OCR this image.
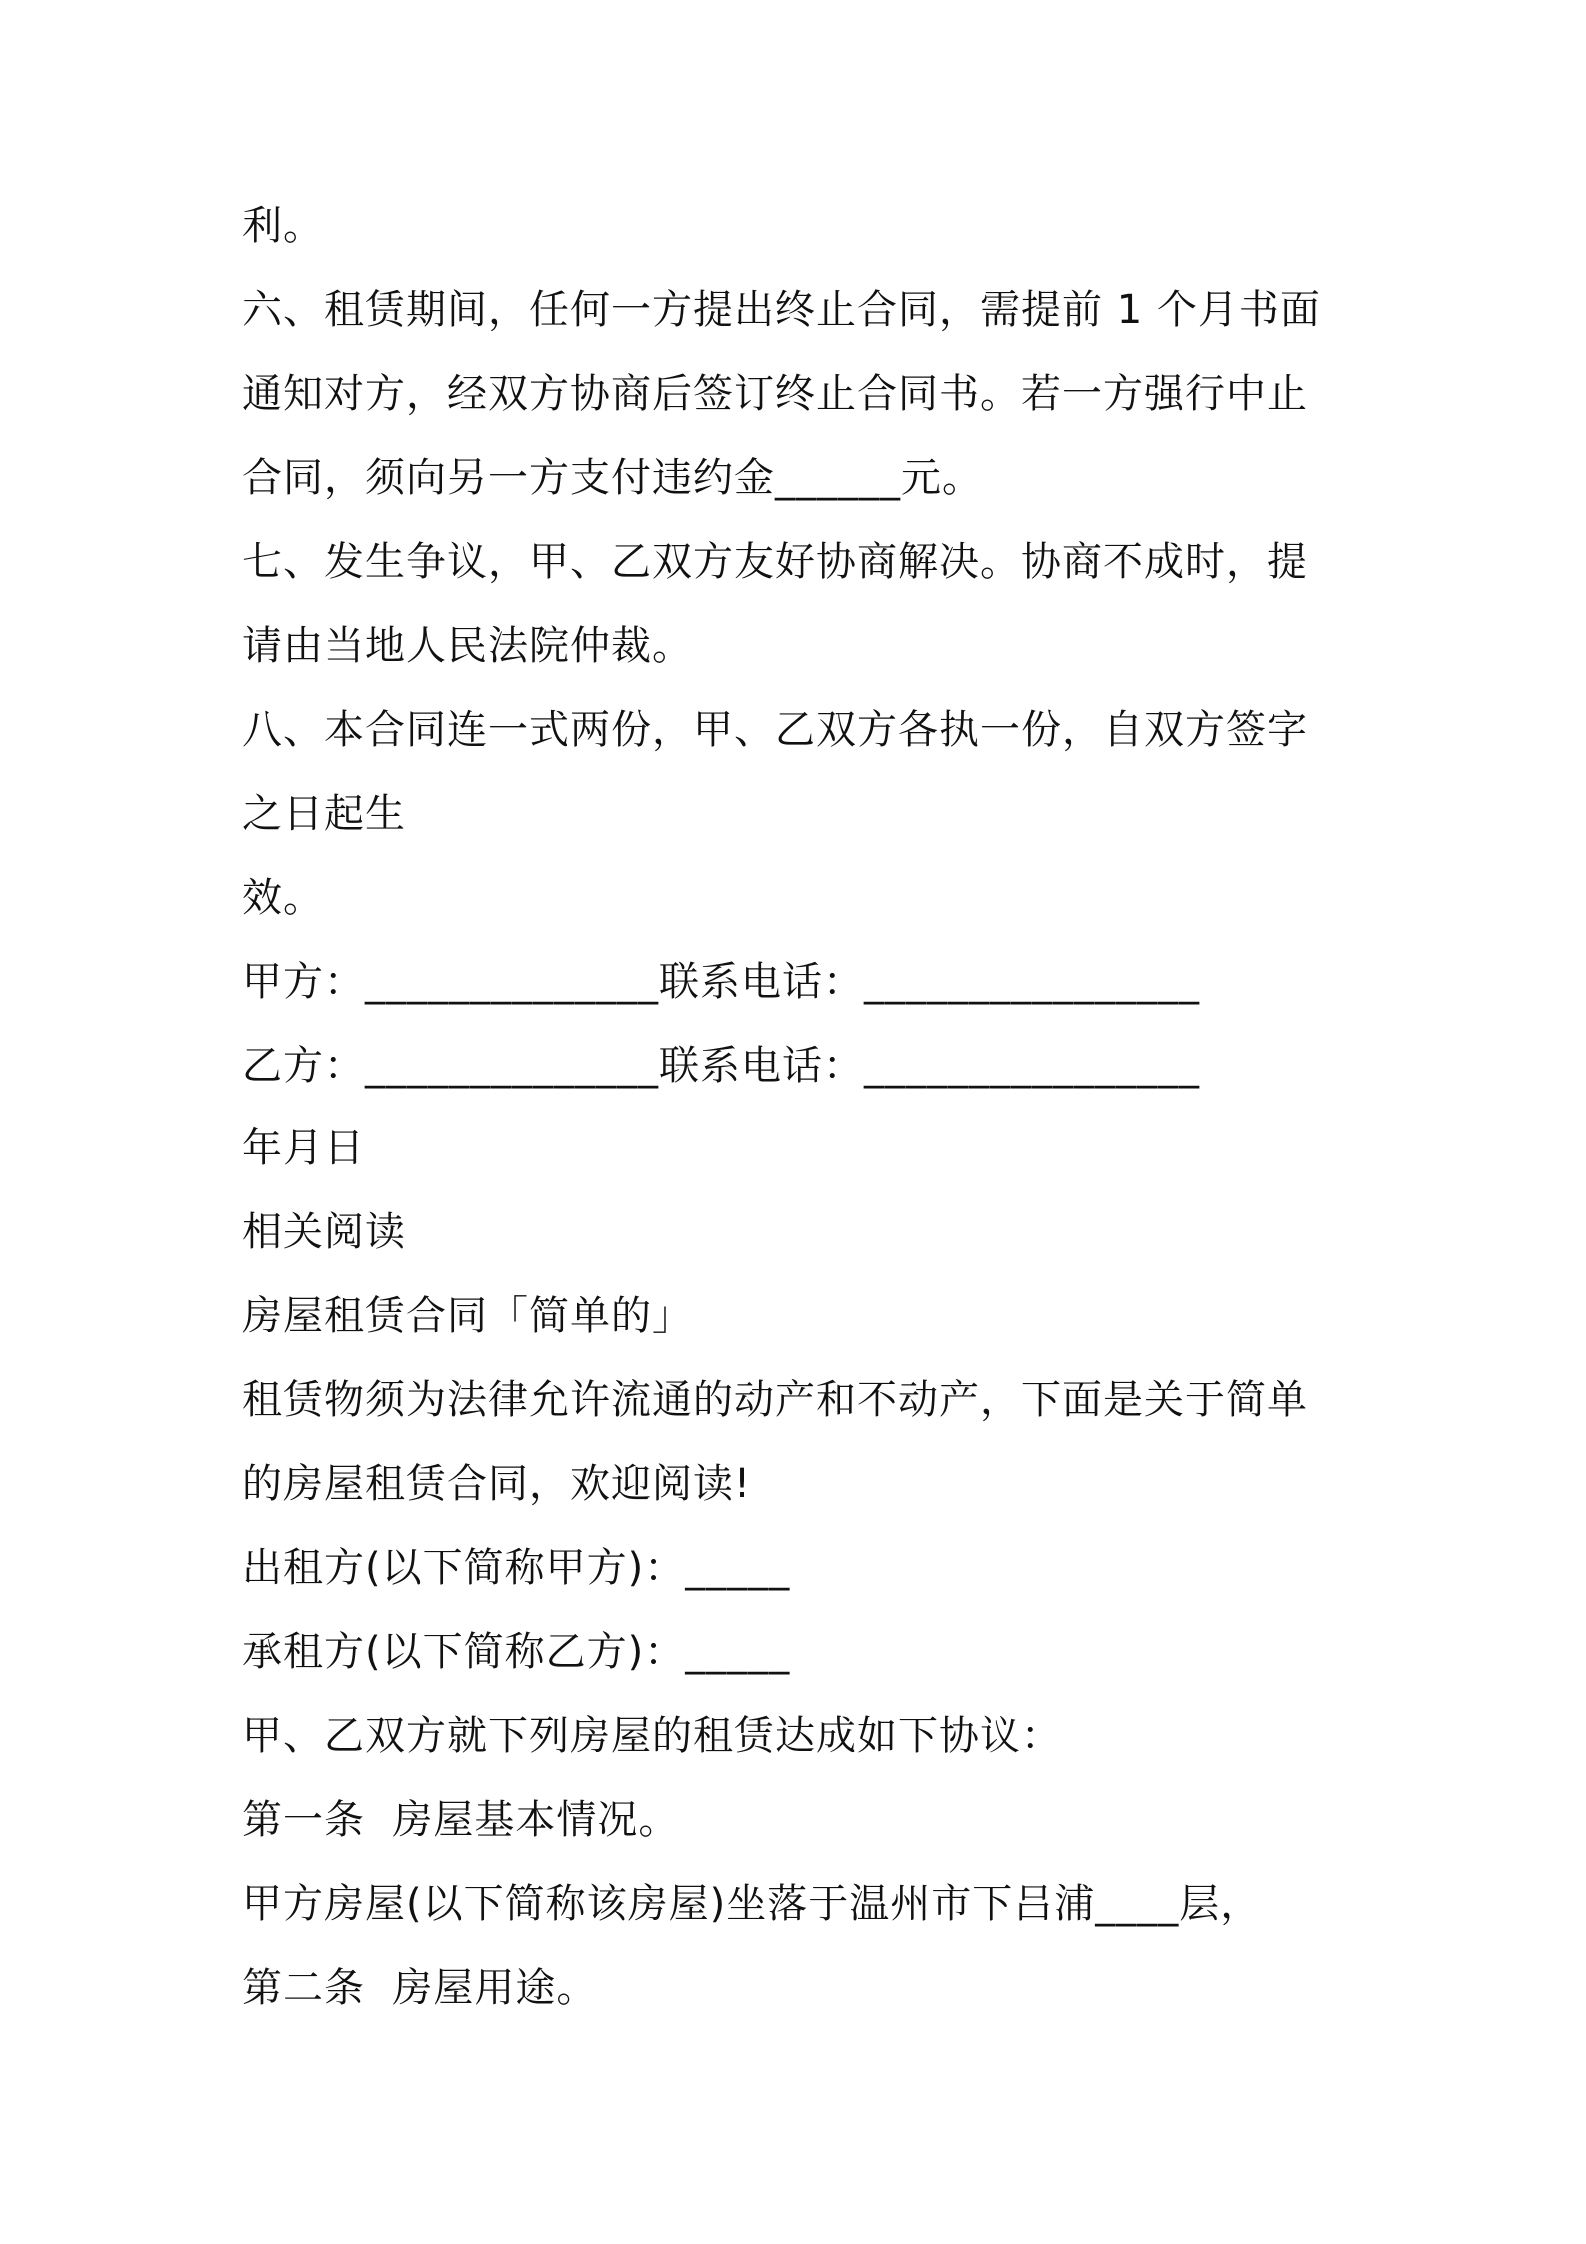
利。
六、租赁期间，任何一方提出终止合同，需提前 1 个月书面
通知对方，经双方协商后签订终止合同书。若一方强行中止
合同，须向另一方支付违约金______元。
七、发生争议，甲、乙双方友好协商解决。协商不成时，提
请由当地人民法院仲裁。
八、本合同连一式两份，甲、乙双方各执一份，自双方签字
之日起生
效。
甲方：______________联系电话：________________
乙方：______________联系电话：________________
年月日
相关阅读
房屋租赁合同「简单的」
租赁物须为法律允许流通的动产和不动产，下面是关于简单
的房屋租赁合同，欢迎阅读!
出租方(以下简称甲方)：_____
承租方(以下简称乙方)：_____
甲、乙双方就下列房屋的租赁达成如下协议：
第一条  房屋基本情况。
甲方房屋(以下简称该房屋)坐落于温州市下吕浦____层，
第二条  房屋用途。
